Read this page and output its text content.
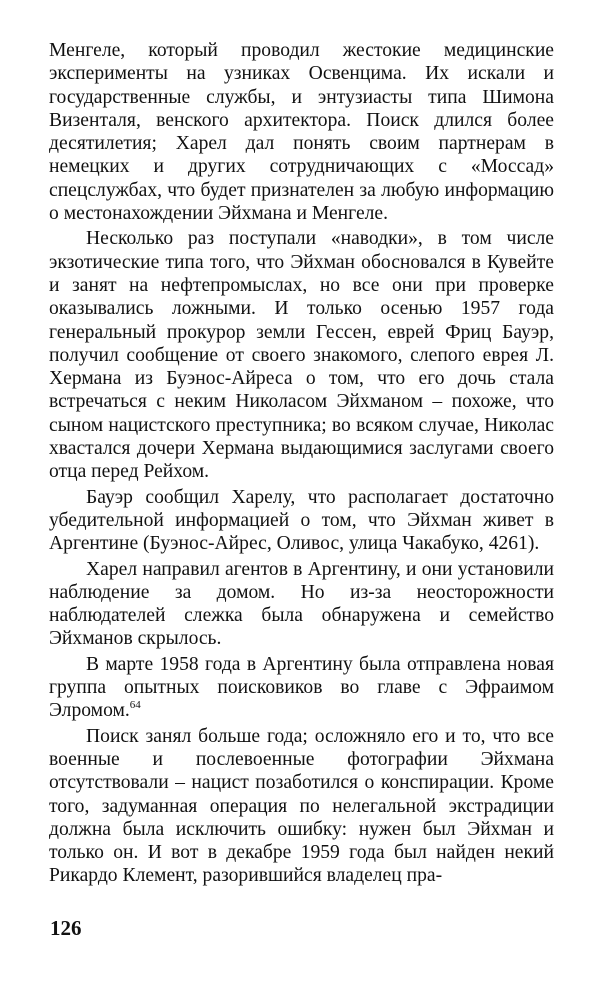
Менгеле, который проводил жестокие медицинские эксперименты на узниках Освенцима. Их искали и государственные службы, и энтузиасты типа Шимона Визенталя, венского архитектора. Поиск длился более десятилетия; Харел дал понять своим партнерам в немецких и других сотрудничающих с «Моссад» спецслужбах, что будет признателен за любую информацию о местонахождении Эйхмана и Менгеле.

Несколько раз поступали «наводки», в том числе экзотические типа того, что Эйхман обосновался в Кувейте и занят на нефтепромыслах, но все они при проверке оказывались ложными. И только осенью 1957 года генеральный прокурор земли Гессен, еврей Фриц Бауэр, получил сообщение от своего знакомого, слепого еврея Л. Хермана из Буэнос-Айреса о том, что его дочь стала встречаться с неким Николасом Эйхманом – похоже, что сыном нацистского преступника; во всяком случае, Николас хвастался дочери Хермана выдающимися заслугами своего отца перед Рейхом.

Бауэр сообщил Харелу, что располагает достаточно убедительной информацией о том, что Эйхман живет в Аргентине (Буэнос-Айрес, Оливос, улица Чакабуко, 4261).

Харел направил агентов в Аргентину, и они установили наблюдение за домом. Но из-за неосторожности наблюдателей слежка была обнаружена и семейство Эйхманов скрылось.

В марте 1958 года в Аргентину была отправлена новая группа опытных поисковиков во главе с Эфраимом Элромом.$^{64}$

Поиск занял больше года; осложняло его и то, что все военные и послевоенные фотографии Эйхмана отсутствовали – нацист позаботился о конспирации. Кроме того, задуманная операция по нелегальной экстрадиции должна была исключить ошибку: нужен был Эйхман и только он. И вот в декабре 1959 года был найден некий Рикардо Клемент, разорившийся владелец пра-

126
